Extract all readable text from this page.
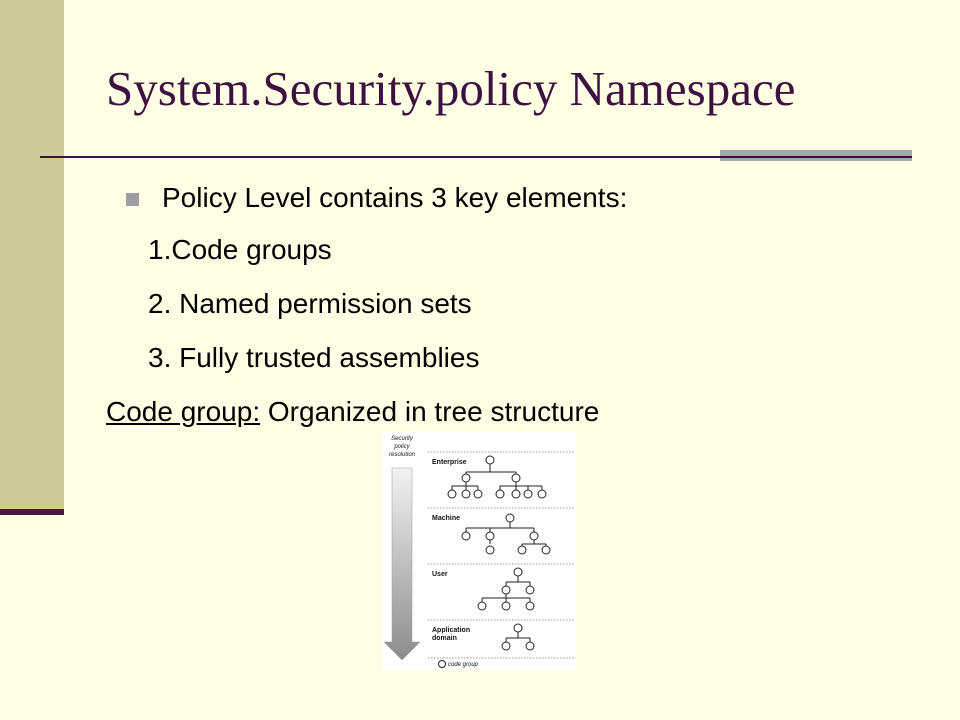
System.Security.policy Namespace
Policy Level contains 3 key elements:
1.Code groups
2. Named permission sets
3. Fully trusted assemblies
Code group: Organized in tree structure
Security
policy
resolution
Enterprise
Machine
User
Application
domain
code group
